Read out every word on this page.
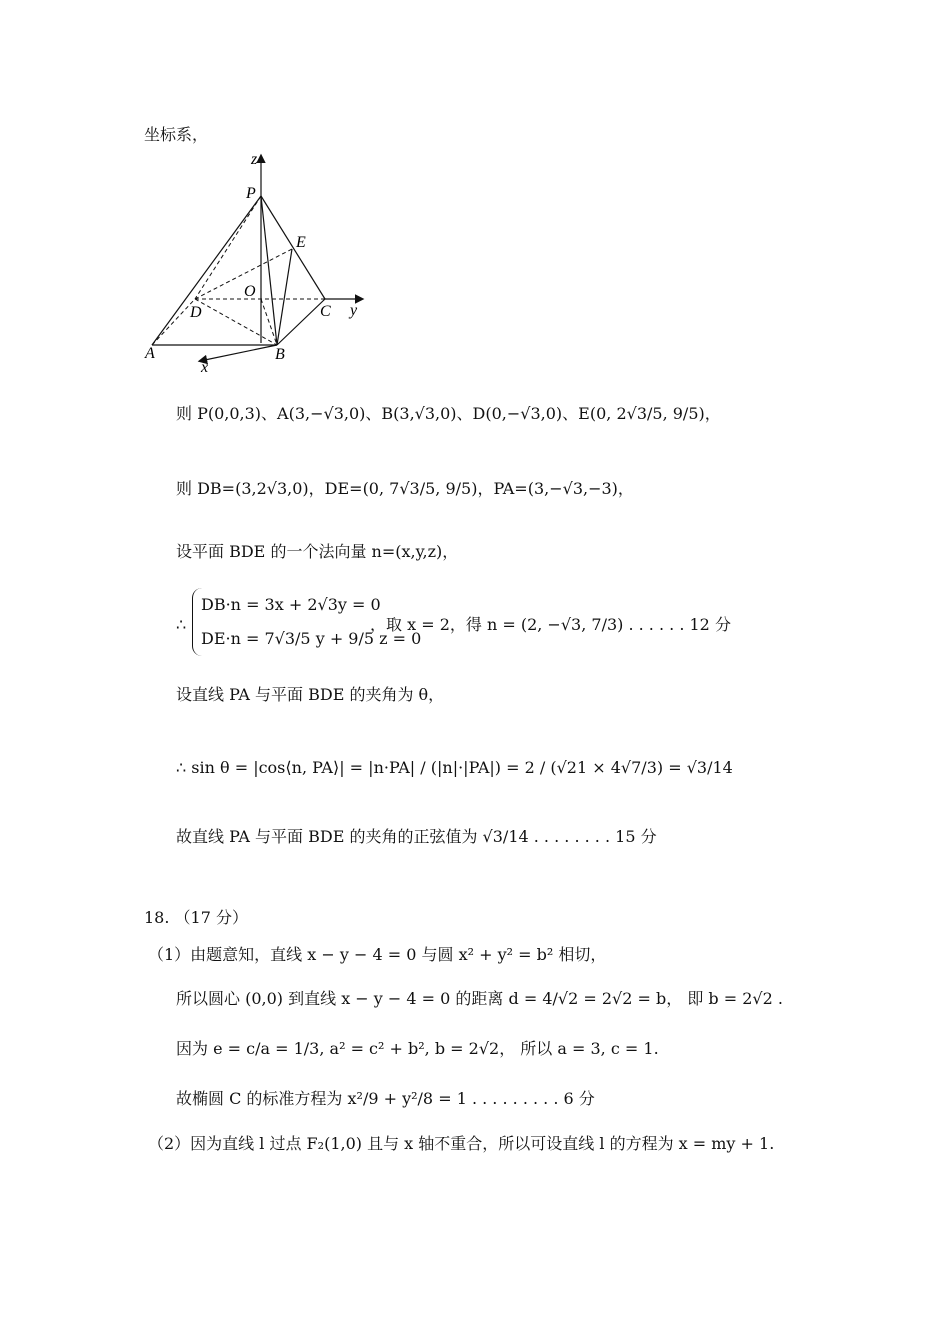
坐标系，
z
P
E
O
D	C y
A	B
x
则 P(0,0,3)、A(3,−√3,0)、B(3,√3,0)、D(0,−√3,0)、E(0, 2√3/5, 9/5)，
则 DB=(3,2√3,0)，DE=(0, 7√3/5, 9/5)，PA=(3,−√3,−3)，
设平面 BDE 的一个法向量 n=(x,y,z)，
∴
DB·n = 3x + 2√3y = 0
DE·n = 7√3/5 y + 9/5 z = 0
，取 x = 2，得 n = (2, −√3, 7/3) . . . . . . 12 分
设直线 PA 与平面 BDE 的夹角为 θ，
∴ sin θ = |cos⟨n, PA⟩| = |n·PA| / (|n|·|PA|) = 2 / (√21 × 4√7/3) = √3/14
故直线 PA 与平面 BDE 的夹角的正弦值为 √3/14 . . . . . . . . 15 分
18. （17 分）
（1）由题意知，直线 x − y − 4 = 0 与圆 x² + y² = b² 相切，
所以圆心 (0,0) 到直线 x − y − 4 = 0 的距离 d = 4/√2 = 2√2 = b， 即 b = 2√2 .
因为 e = c/a = 1/3, a² = c² + b², b = 2√2， 所以 a = 3, c = 1.
故椭圆 C 的标准方程为 x²/9 + y²/8 = 1 . . . . . . . . . 6 分
（2）因为直线 l 过点 F₂(1,0) 且与 x 轴不重合，所以可设直线 l 的方程为 x = my + 1.
